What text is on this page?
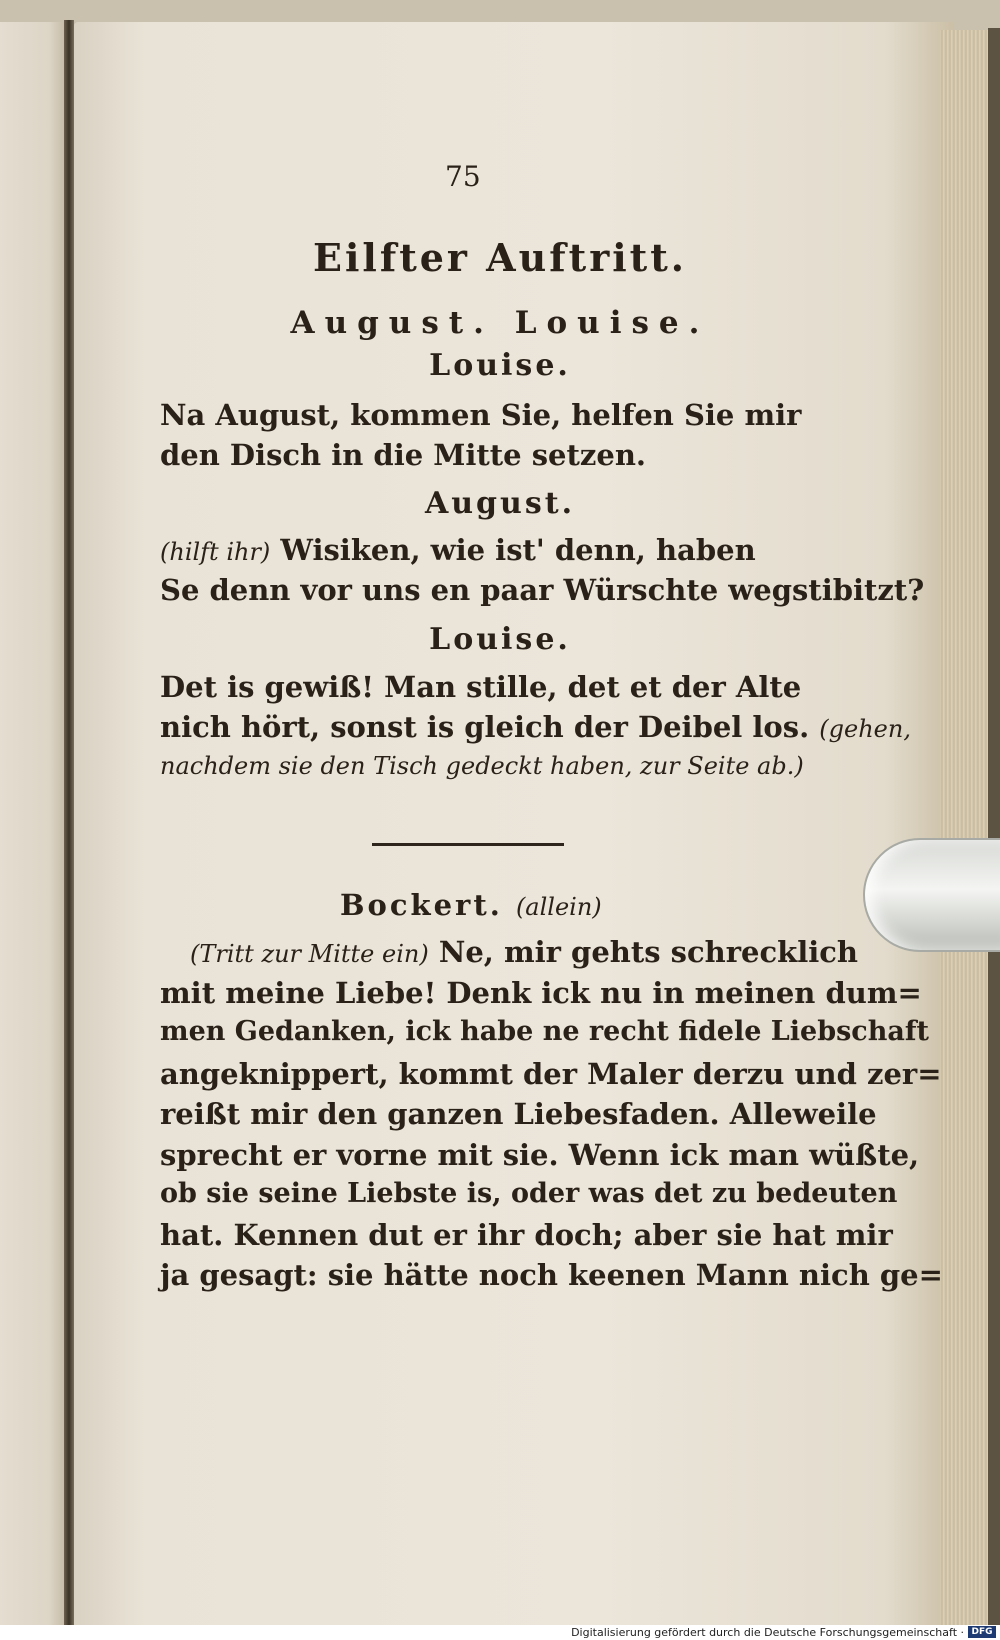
75
Eilfter Auftritt.
August. Louise.
Louise.
Na August, kommen Sie, helfen Sie mir
den Disch in die Mitte setzen.
August.
(hilft ihr) Wisiken, wie ist' denn, haben
Se denn vor uns en paar Würschte wegstibitzt?
Louise.
Det is gewiß! Man stille, det et der Alte
nich hört, sonst is gleich der Deibel los. (gehen,
nachdem sie den Tisch gedeckt haben, zur Seite ab.)
Bockert. (allein)
(Tritt zur Mitte ein) Ne, mir gehts schrecklich
mit meine Liebe! Denk ick nu in meinen dum=
men Gedanken, ick habe ne recht fidele Liebschaft
angeknippert, kommt der Maler derzu und zer=
reißt mir den ganzen Liebesfaden. Alleweile
sprecht er vorne mit sie. Wenn ick man wüßte,
ob sie seine Liebste is, oder was det zu bedeuten
hat. Kennen dut er ihr doch; aber sie hat mir
ja gesagt: sie hätte noch keenen Mann nich ge=
Digitalisierung gefördert durch die Deutsche Forschungsgemeinschaft · DFG
